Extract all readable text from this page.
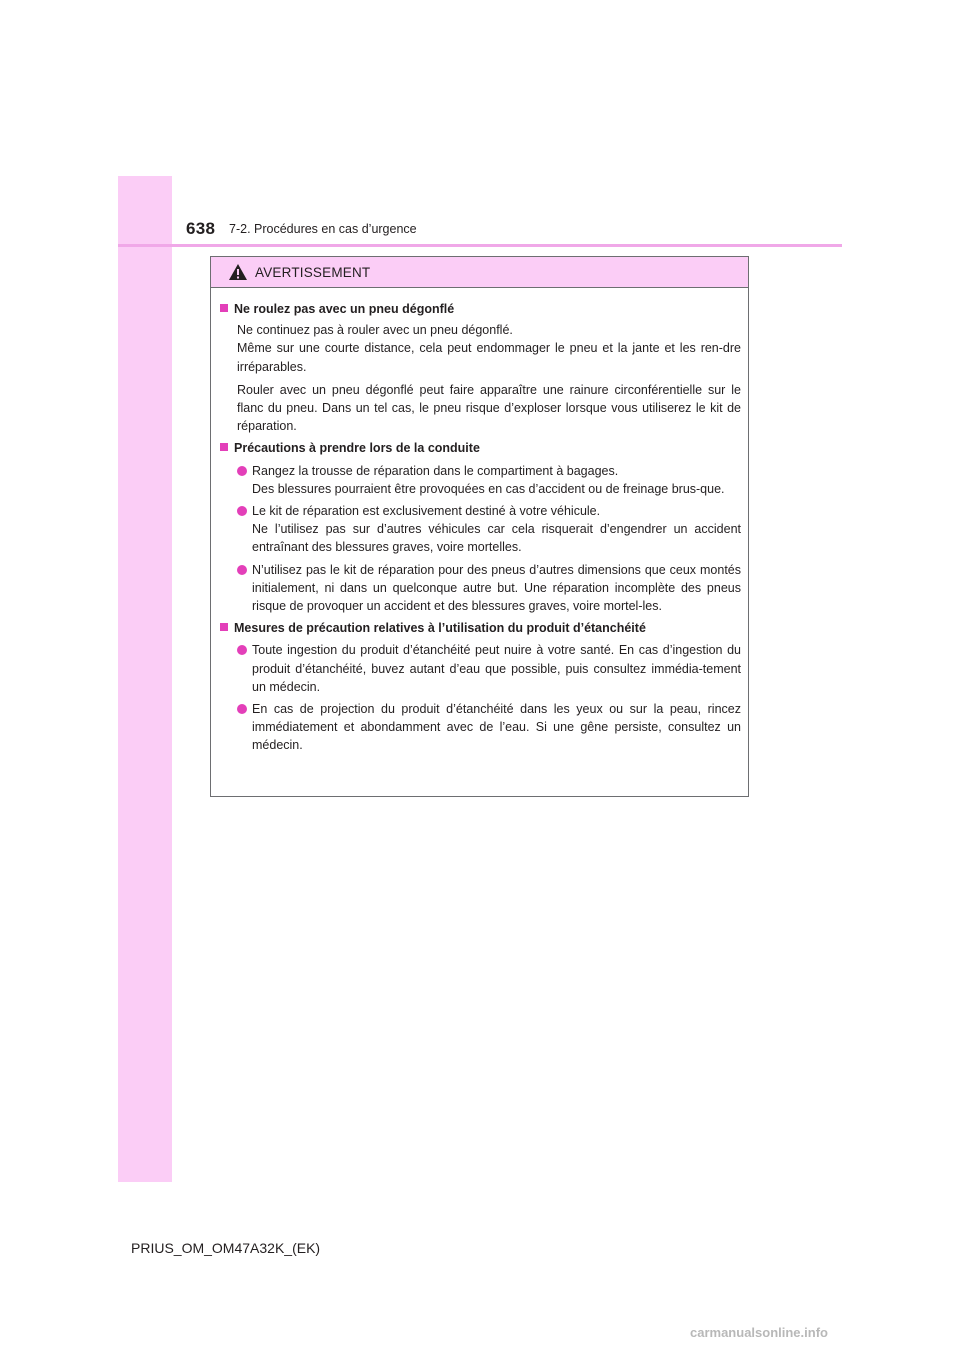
638 7-2. Procédures en cas d’urgence
AVERTISSEMENT
Ne roulez pas avec un pneu dégonflé

Ne continuez pas à rouler avec un pneu dégonflé.
Même sur une courte distance, cela peut endommager le pneu et la jante et les ren-dre irréparables.

Rouler avec un pneu dégonflé peut faire apparaître une rainure circonférentielle sur le flanc du pneu. Dans un tel cas, le pneu risque d’exploser lorsque vous utiliserez le kit de réparation.

Précautions à prendre lors de la conduite

Rangez la trousse de réparation dans le compartiment à bagages.
Des blessures pourraient être provoquées en cas d’accident ou de freinage brus-que.

Le kit de réparation est exclusivement destiné à votre véhicule.
Ne l’utilisez pas sur d’autres véhicules car cela risquerait d’engendrer un accident entraînant des blessures graves, voire mortelles.

N’utilisez pas le kit de réparation pour des pneus d’autres dimensions que ceux montés initialement, ni dans un quelconque autre but. Une réparation incomplète des pneus risque de provoquer un accident et des blessures graves, voire mortel-les.

Mesures de précaution relatives à l’utilisation du produit d’étanchéité

Toute ingestion du produit d’étanchéité peut nuire à votre santé. En cas d’ingestion du produit d’étanchéité, buvez autant d’eau que possible, puis consultez immédia-tement un médecin.

En cas de projection du produit d’étanchéité dans les yeux ou sur la peau, rincez immédiatement et abondamment avec de l’eau. Si une gêne persiste, consultez un médecin.

PRIUS_OM_OM47A32K_(EK)
carmanualsonline.info
